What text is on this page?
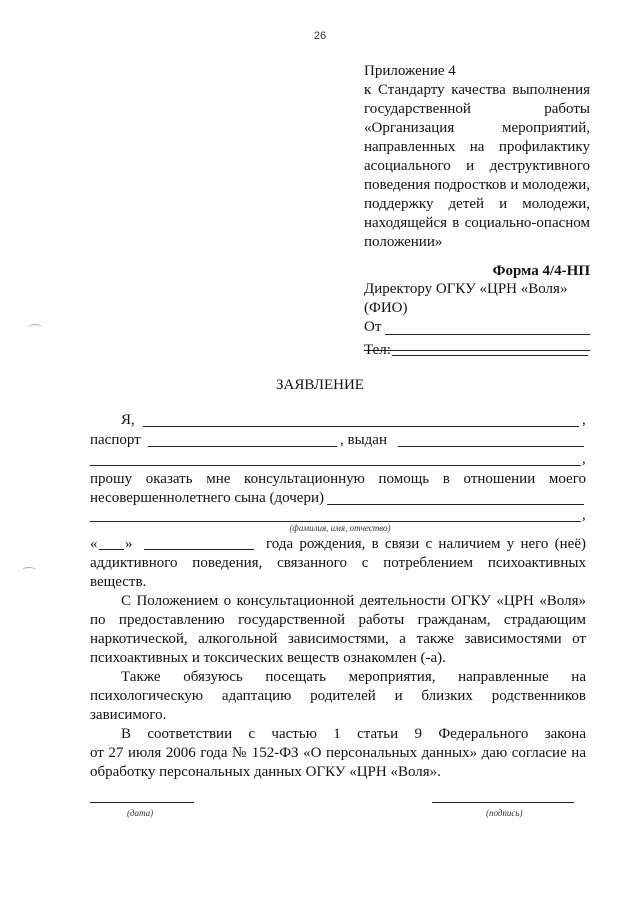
26
Приложение 4
к Стандарту качества выполнения
государственной работы
«Организация мероприятий,
направленных на профилактику
асоциального и деструктивного
поведения подростков и молодежи,
поддержку детей и молодежи,
находящейся в социально-опасном
положении»
Форма 4/4-НП
Директору ОГКУ «ЦРН «Воля»
(ФИО)
От
Тел:
ЗАЯВЛЕНИЕ
Я,	,
паспорт	, выдан
,
прошу оказать мне консультационную помощь в отношении моего
несовершеннолетнего сына (дочери)
,
(фамилия, имя, отчество)
« »	года рождения, в связи с наличием у него (неё)
аддиктивного поведения, связанного с потреблением психоактивных
веществ.
С Положением о консультационной деятельности ОГКУ «ЦРН «Воля»
по предоставлению государственной работы гражданам, страдающим
наркотической, алкогольной зависимостями, а также зависимостями от
психоактивных и токсических веществ ознакомлен (-а).
Также обязуюсь посещать мероприятия, направленные на
психологическую адаптацию родителей и близких родственников
зависимого.
В соответствии с частью 1 статьи 9 Федерального закона
от 27 июля 2006 года № 152-ФЗ «О персональных данных» даю согласие на
обработку персональных данных ОГКУ «ЦРН «Воля».
(дата)	(подпись)
